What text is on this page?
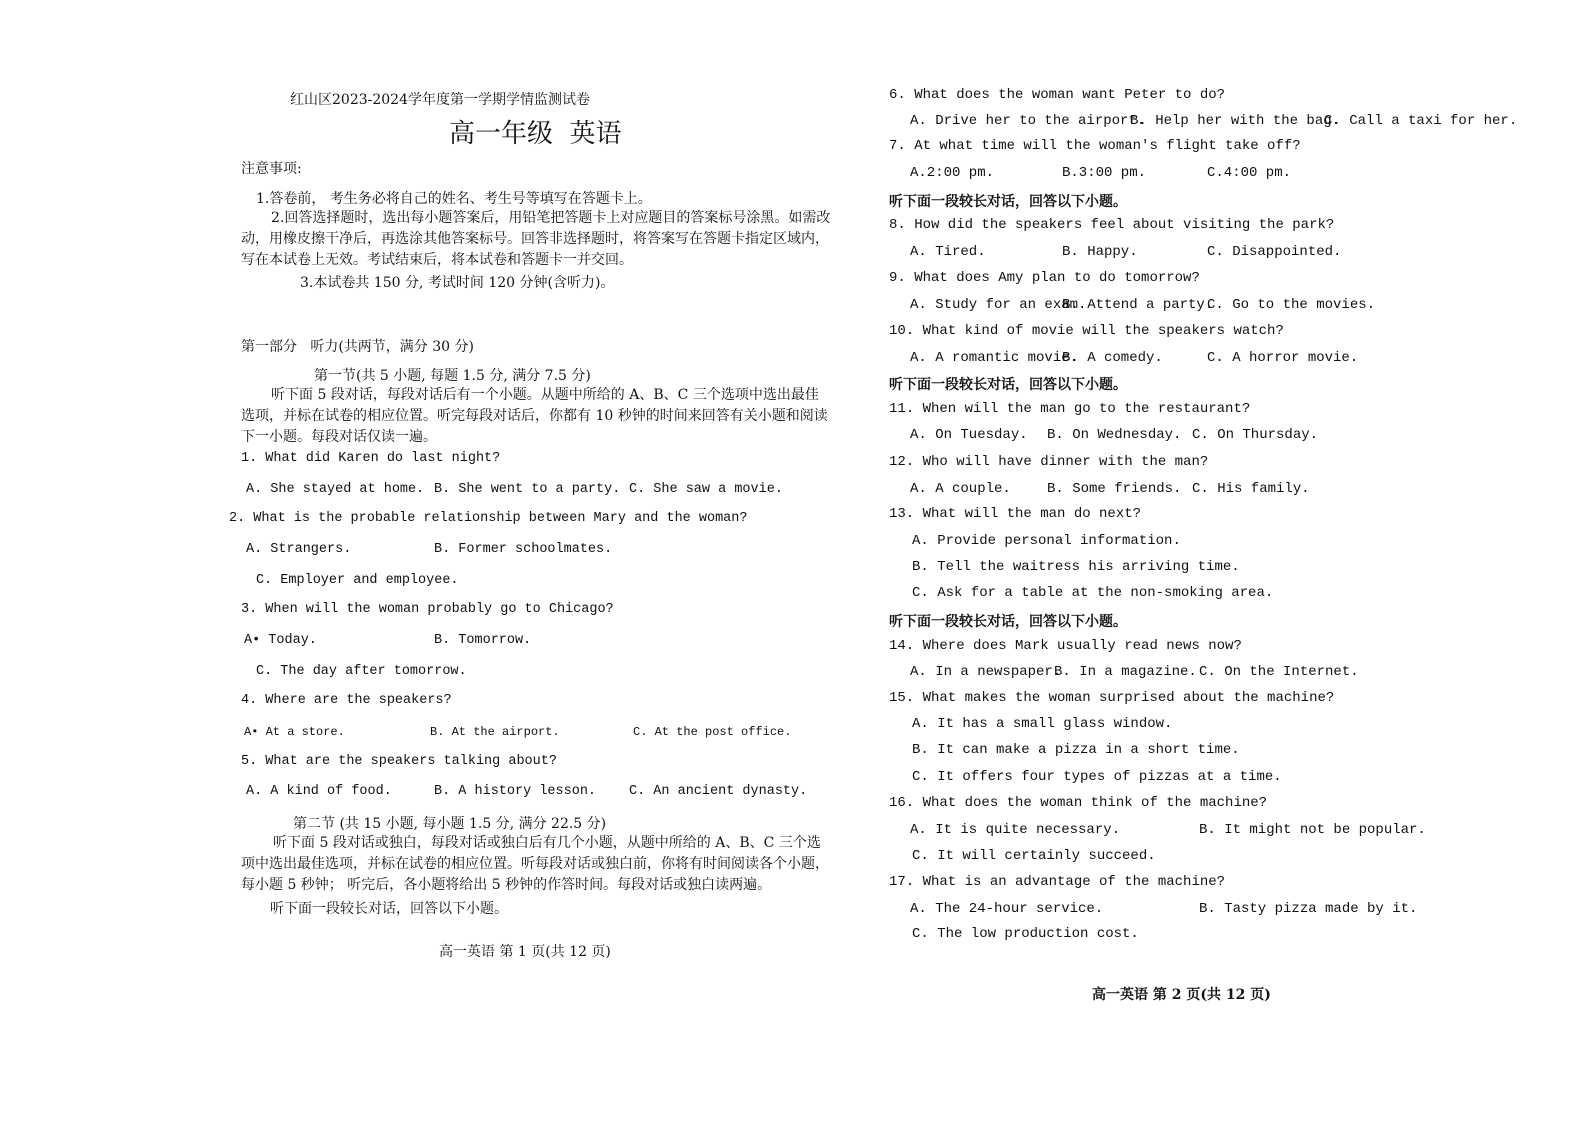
红山区2023-2024学年度第一学期学情监测试卷
高一年级  英语
注意事项:
1.答卷前， 考生务必将自己的姓名、考生号等填写在答题卡上。
2.回答选择题时，选出每小题答案后，用铅笔把答题卡上对应题目的答案标号涂黑。如需改动，用橡皮擦干净后，再选涂其他答案标号。回答非选择题时，将答案写在答题卡指定区域内，写在本试卷上无效。考试结束后，将本试卷和答题卡一并交回。
3.本试卷共 150 分, 考试时间 120 分钟(含听力)。
第一部分   听力(共两节，满分 30 分)
第一节(共 5 小题, 每题 1.5 分, 满分 7.5 分)
听下面 5 段对话，每段对话后有一个小题。从题中所给的 A、B、C 三个选项中选出最佳选项，并标在试卷的相应位置。听完每段对话后，你都有 10 秒钟的时间来回答有关小题和阅读下一小题。每段对话仅读一遍。
1. What did Karen do last night?
A. She stayed at home. B. She went to a party. C. She saw a movie.
2. What is the probable relationship between Mary and the woman?
A. Strangers.	B. Former schoolmates.
C. Employer and employee.
3. When will the woman probably go to Chicago?
A• Today.	B. Tomorrow.
C. The day after tomorrow.
4. Where are the speakers?
A• At a store.	B. At the airport.	C. At the post office.
5. What are the speakers talking about?
A. A kind of food.	B. A history lesson. C. An ancient dynasty.
第二节 (共 15 小题, 每小题 1.5 分, 满分 22.5 分)
听下面 5 段对话或独白，每段对话或独白后有几个小题，从题中所给的 A、B、C 三个选项中选出最佳选项，并标在试卷的相应位置。听每段对话或独白前，你将有时间阅读各个小题，每小题 5 秒钟； 听完后，各小题将给出 5 秒钟的作答时间。每段对话或独白读两遍。
听下面一段较长对话，回答以下小题。
高一英语 第 1 页(共 12 页)
6. What does the woman want Peter to do?
A. Drive her to the airport.
B. Help her with the bag.
C. Call a taxi for her.
7. At what time will the woman's flight take off?
A.2:00 pm.	B.3:00 pm.	C.4:00 pm.
听下面一段较长对话，回答以下小题。
8. How did the speakers feel about visiting the park?
A. Tired.	B. Happy.	C. Disappointed.
9. What does Amy plan to do tomorrow?
A. Study for an exam.
B. Attend a party.
C. Go to the movies.
10. What kind of movie will the speakers watch?
A. A romantic movie.
B. A comedy.	C. A horror movie.
听下面一段较长对话，回答以下小题。
11. When will the man go to the restaurant?
A. On Tuesday. B. On Wednesday. C. On Thursday.
12. Who will have dinner with the man?
A. A couple.	B. Some friends. C. His family.
13. What will the man do next?
A. Provide personal information.
B. Tell the waitress his arriving time.
C. Ask for a table at the non-smoking area.
听下面一段较长对话，回答以下小题。
14. Where does Mark usually read news now?
A. In a newspaper.
B. In a magazine. C. On the Internet.
15. What makes the woman surprised about the machine?
A. It has a small glass window.
B. It can make a pizza in a short time.
C. It offers four types of pizzas at a time.
16. What does the woman think of the machine?
A. It is quite necessary.	B. It might not be popular.
C. It will certainly succeed.
17. What is an advantage of the machine?
A. The 24-hour service.	B. Tasty pizza made by it.
C. The low production cost.
高一英语 第 2 页(共 12 页)
